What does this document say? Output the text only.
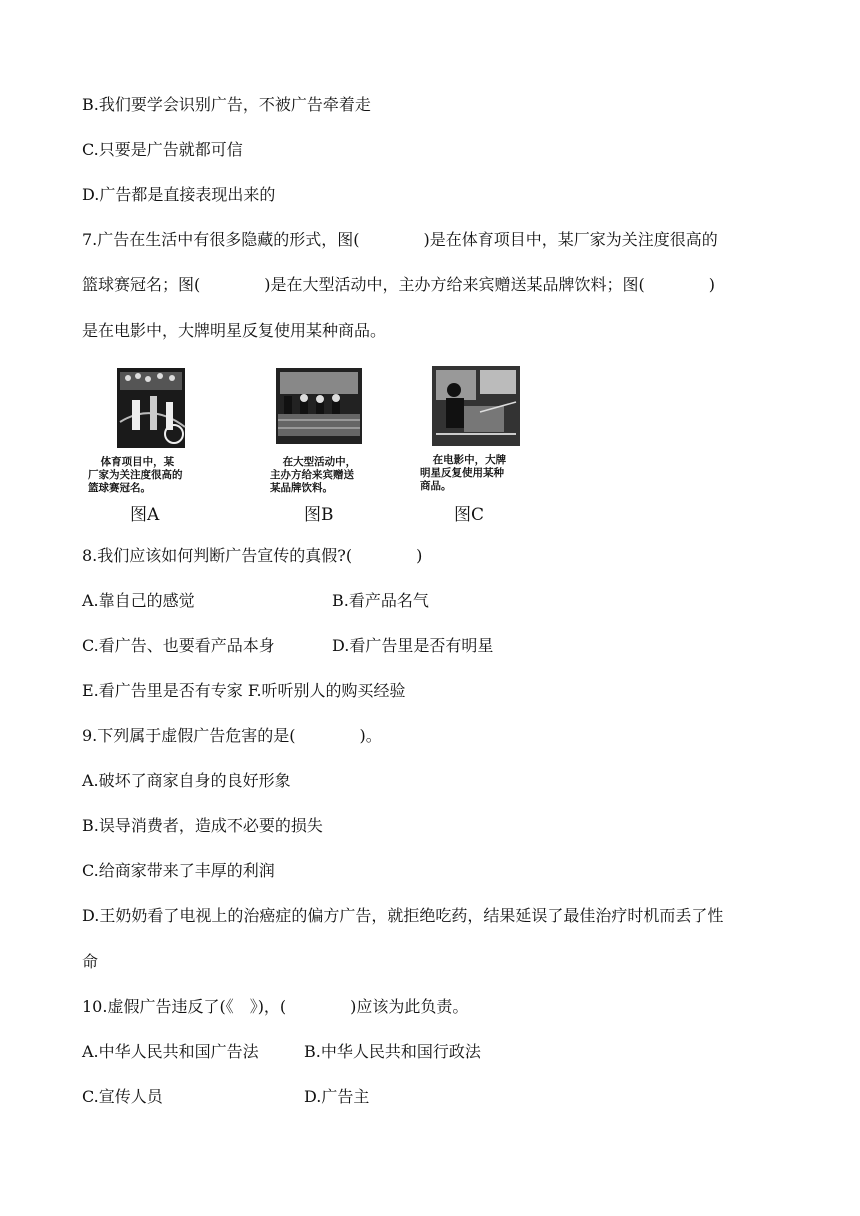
B.我们要学会识别广告，不被广告牵着走
C.只要是广告就都可信
D.广告都是直接表现出来的
7.广告在生活中有很多隐藏的形式，图(　　　　)是在体育项目中，某厂家为关注度很高的
篮球赛冠名；图(　　　　)是在大型活动中，主办方给来宾赠送某品牌饮料；图(　　　　)
是在电影中，大牌明星反复使用某种商品。
体育项目中，某
厂家为关注度很高的
篮球赛冠名。
图A
在大型活动中，
主办方给来宾赠送
某品牌饮料。
图B
在电影中，大牌
明星反复使用某种
商品。
图C
8.我们应该如何判断广告宣传的真假?(　　　　)
A.靠自己的感觉	B.看产品名气
C.看广告、也要看产品本身	D.看广告里是否有明星
E.看广告里是否有专家 F.听听别人的购买经验
9.下列属于虚假广告危害的是(　　　　)。
A.破坏了商家自身的良好形象
B.误导消费者，造成不必要的损失
C.给商家带来了丰厚的利润
D.王奶奶看了电视上的治癌症的偏方广告，就拒绝吃药，结果延误了最佳治疗时机而丢了性
命
10.虚假广告违反了(《　》)，(　　　　)应该为此负责。
A.中华人民共和国广告法	B.中华人民共和国行政法
C.宣传人员	D.广告主
